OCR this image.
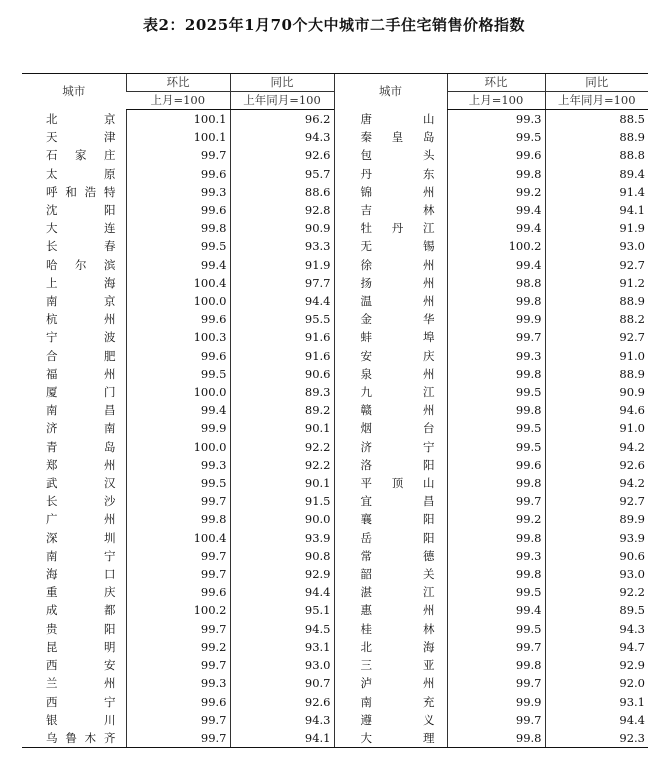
表2：2025年1月70个大中城市二手住宅销售价格指数
城市	环比	同比	城市	环比	同比
	上月=100	上年同月=100		上月=100	上年同月=100
北京	100.1	96.2	唐山	99.3	88.5
天津	100.1	94.3	秦皇岛	99.5	88.9
石家庄	99.7	92.6	包头	99.6	88.8
太原	99.6	95.7	丹东	99.8	89.4
呼和浩特	99.3	88.6	锦州	99.2	91.4
沈阳	99.6	92.8	吉林	99.4	94.1
大连	99.8	90.9	牡丹江	99.4	91.9
长春	99.5	93.3	无锡	100.2	93.0
哈尔滨	99.4	91.9	徐州	99.4	92.7
上海	100.4	97.7	扬州	98.8	91.2
南京	100.0	94.4	温州	99.8	88.9
杭州	99.6	95.5	金华	99.9	88.2
宁波	100.3	91.6	蚌埠	99.7	92.7
合肥	99.6	91.6	安庆	99.3	91.0
福州	99.5	90.6	泉州	99.8	88.9
厦门	100.0	89.3	九江	99.5	90.9
南昌	99.4	89.2	赣州	99.8	94.6
济南	99.9	90.1	烟台	99.5	91.0
青岛	100.0	92.2	济宁	99.5	94.2
郑州	99.3	92.2	洛阳	99.6	92.6
武汉	99.5	90.1	平顶山	99.8	94.2
长沙	99.7	91.5	宜昌	99.7	92.7
广州	99.8	90.0	襄阳	99.2	89.9
深圳	100.4	93.9	岳阳	99.8	93.9
南宁	99.7	90.8	常德	99.3	90.6
海口	99.7	92.9	韶关	99.8	93.0
重庆	99.6	94.4	湛江	99.5	92.2
成都	100.2	95.1	惠州	99.4	89.5
贵阳	99.7	94.5	桂林	99.5	94.3
昆明	99.2	93.1	北海	99.7	94.7
西安	99.7	93.0	三亚	99.8	92.9
兰州	99.3	90.7	泸州	99.7	92.0
西宁	99.6	92.6	南充	99.9	93.1
银川	99.7	94.3	遵义	99.7	94.4
乌鲁木齐	99.7	94.1	大理	99.8	92.3
